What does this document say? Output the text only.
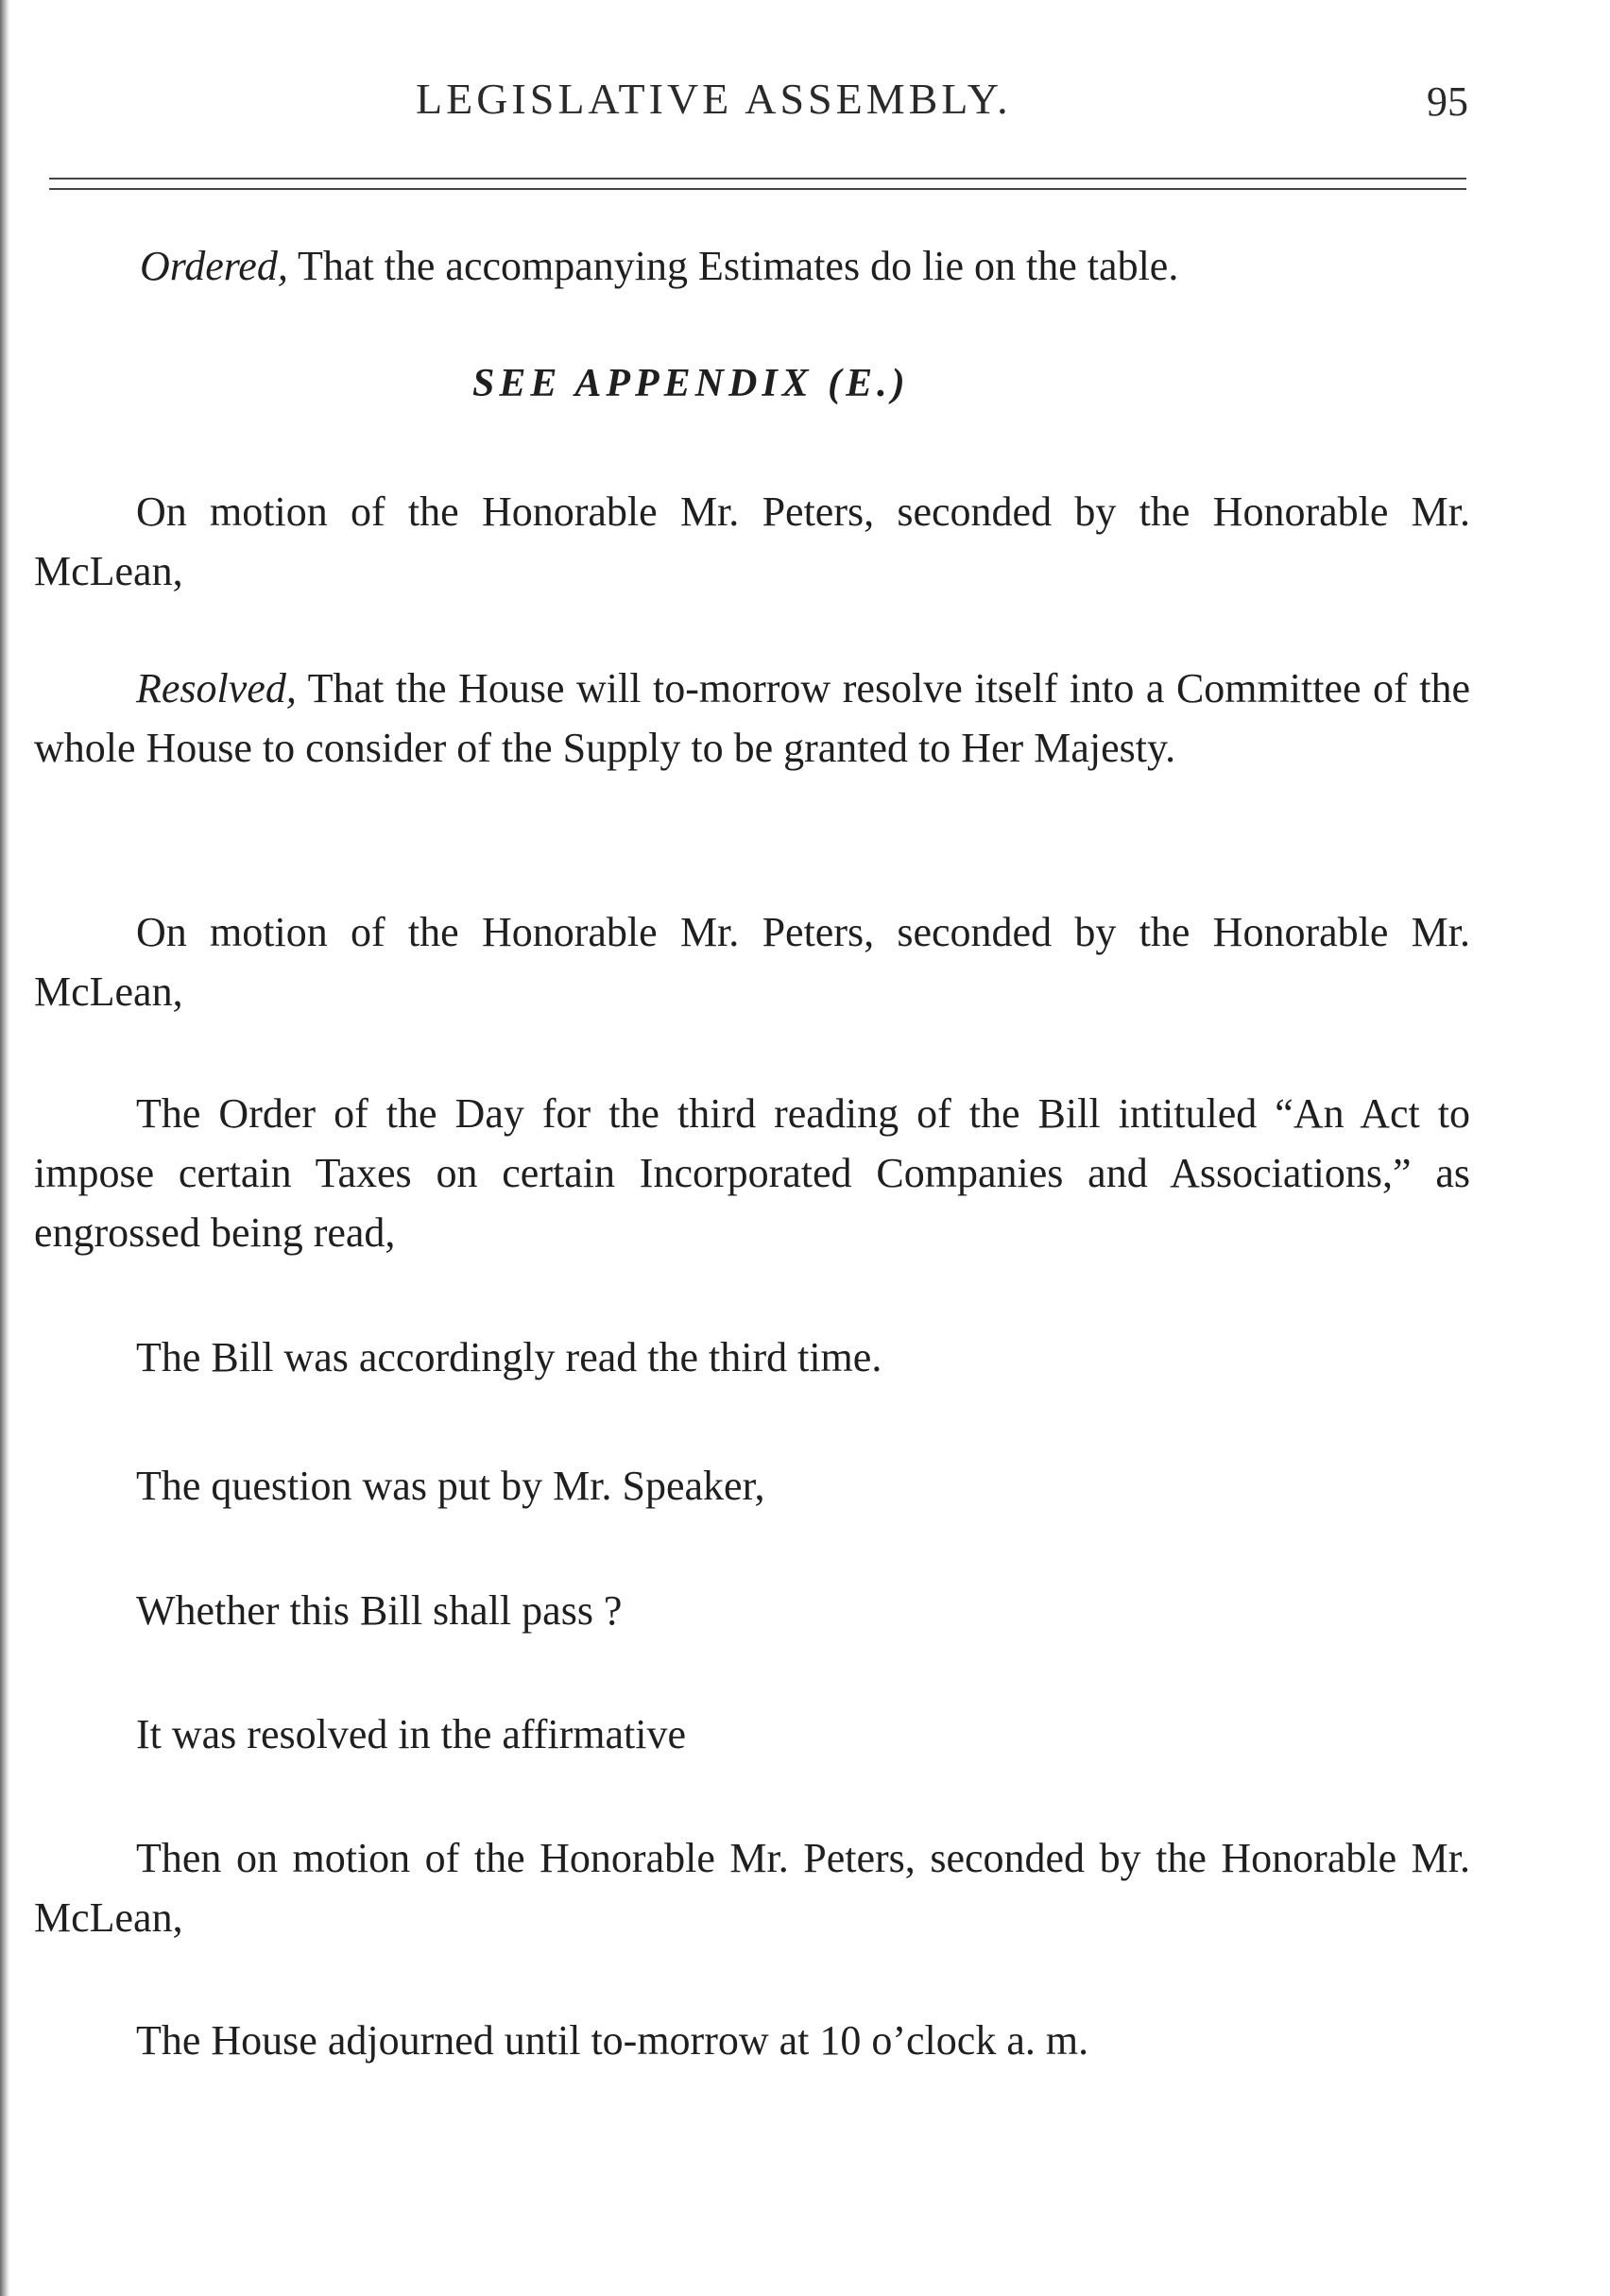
LEGISLATIVE ASSEMBLY.	95

Ordered, That the accompanying Estimates do lie on the table.

SEE APPENDIX (E.)

On motion of the Honorable Mr. Peters, seconded by the Honorable Mr. McLean,

Resolved, That the House will to-morrow resolve itself into a Committee of the whole House to consider of the Supply to be granted to Her Majesty.

On motion of the Honorable Mr. Peters, seconded by the Honorable Mr. McLean,

The Order of the Day for the third reading of the Bill intituled “An Act to impose certain Taxes on certain Incorporated Companies and Associations,” as engrossed being read,

The Bill was accordingly read the third time.

The question was put by Mr. Speaker,

Whether this Bill shall pass ?

It was resolved in the affirmative

Then on motion of the Honorable Mr. Peters, seconded by the Honorable Mr. McLean,

The House adjourned until to-morrow at 10 o’clock a. m.
